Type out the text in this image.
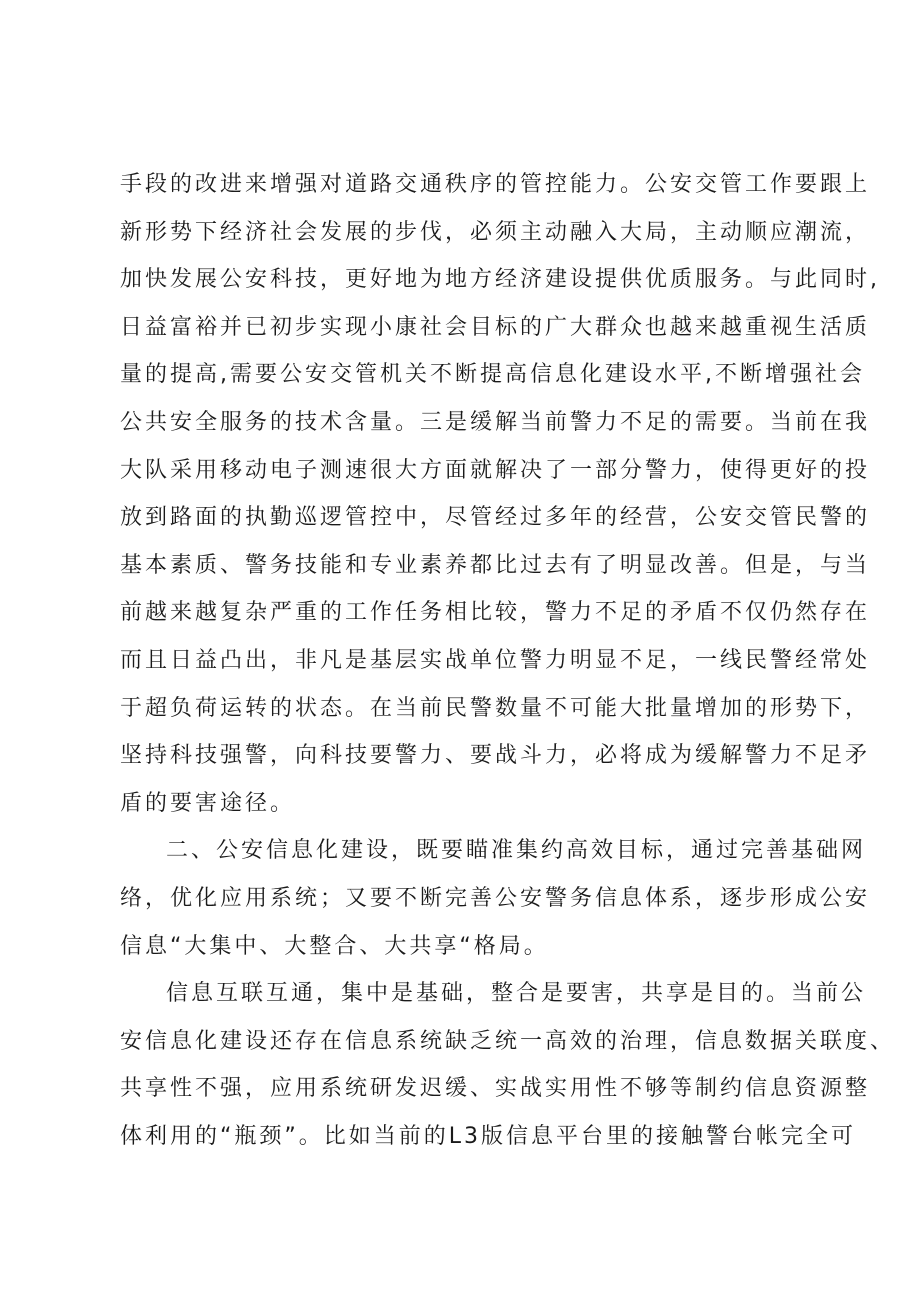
手段的改进来增强对道路交通秩序的管控能力。公安交管工作要跟上
新形势下经济社会发展的步伐，必须主动融入大局，主动顺应潮流，
加快发展公安科技，更好地为地方经济建设提供优质服务。与此同时,
日益富裕并已初步实现小康社会目标的广大群众也越来越重视生活质
量的提高,需要公安交管机关不断提高信息化建设水平,不断增强社会
公共安全服务的技术含量。三是缓解当前警力不足的需要。当前在我
大队采用移动电子测速很大方面就解决了一部分警力，使得更好的投
放到路面的执勤巡逻管控中，尽管经过多年的经营，公安交管民警的
基本素质、警务技能和专业素养都比过去有了明显改善。但是，与当
前越来越复杂严重的工作任务相比较，警力不足的矛盾不仅仍然存在
而且日益凸出，非凡是基层实战单位警力明显不足，一线民警经常处
于超负荷运转的状态。在当前民警数量不可能大批量增加的形势下，
坚持科技强警，向科技要警力、要战斗力，必将成为缓解警力不足矛
盾的要害途径。
二、公安信息化建设，既要瞄准集约高效目标，通过完善基础网
络，优化应用系统；又要不断完善公安警务信息体系，逐步形成公安
信息“大集中、大整合、大共享“格局。
信息互联互通，集中是基础，整合是要害，共享是目的。当前公
安信息化建设还存在信息系统缺乏统一高效的治理，信息数据关联度、
共享性不强，应用系统研发迟缓、实战实用性不够等制约信息资源整
体利用的“瓶颈”。比如当前的L3版信息平台里的接触警台帐完全可
